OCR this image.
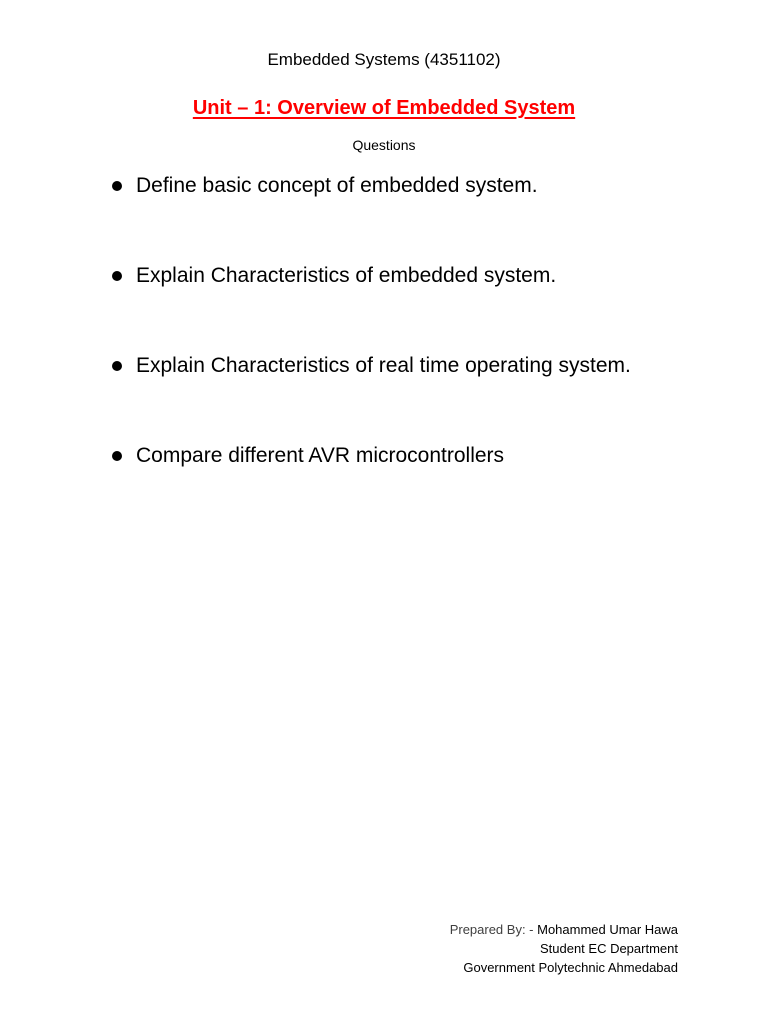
Embedded Systems (4351102)
Unit – 1: Overview of Embedded System
Questions
Define basic concept of embedded system.
Explain Characteristics of embedded system.
Explain Characteristics of real time operating system.
Compare different AVR microcontrollers
Prepared By: - Mohammed Umar Hawa
Student EC Department
Government Polytechnic Ahmedabad
